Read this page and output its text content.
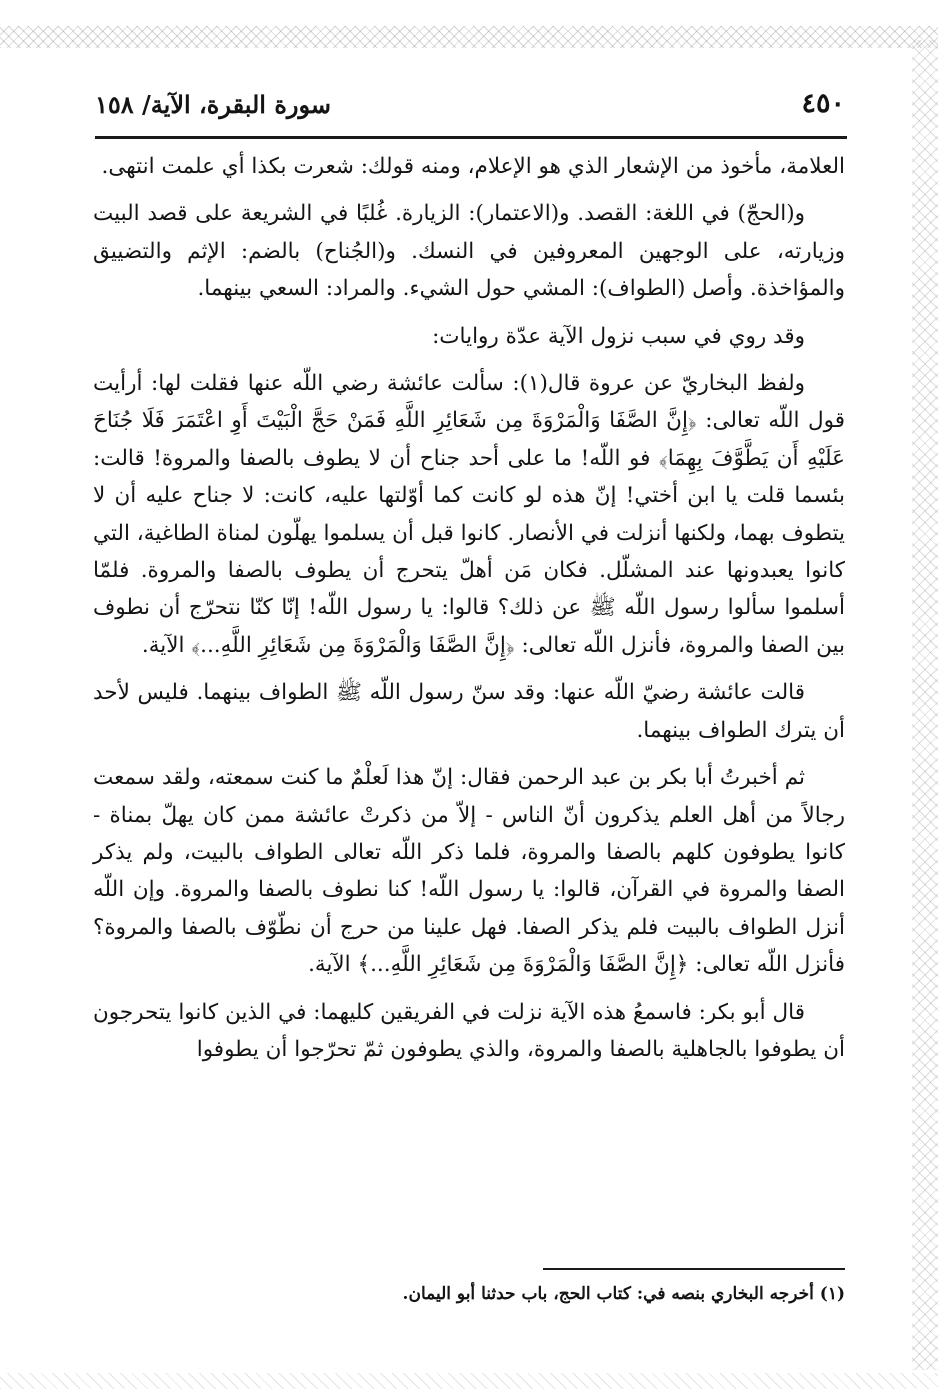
٤٥٠
سورة البقرة، الآية/ ١٥٨

العلامة، مأخوذ من الإشعار الذي هو الإعلام، ومنه قولك: شعرت بكذا أي علمت انتهى.

و(الحجّ) في اللغة: القصد. و(الاعتمار): الزيارة. غُلبًا في الشريعة على قصد البيت وزيارته، على الوجهين المعروفين في النسك. و(الجُناح) بالضم: الإثم والتضييق والمؤاخذة. وأصل (الطواف): المشي حول الشيء. والمراد: السعي بينهما.

وقد روي في سبب نزول الآية عدّة روايات:

ولفظ البخاريّ عن عروة قال(١): سألت عائشة رضي اللّه عنها فقلت لها: أرأيت قول اللّه تعالى: ﴿إِنَّ الصَّفَا وَالْمَرْوَةَ مِن شَعَائِرِ اللَّهِ فَمَنْ حَجَّ الْبَيْتَ أَوِ اعْتَمَرَ فَلَا جُنَاحَ عَلَيْهِ أَن يَطَّوَّفَ بِهِمَا﴾ فو اللّه! ما على أحد جناح أن لا يطوف بالصفا والمروة! قالت: بئسما قلت يا ابن أختي! إنّ هذه لو كانت كما أوّلتها عليه، كانت: لا جناح عليه أن لا يتطوف بهما، ولكنها أنزلت في الأنصار. كانوا قبل أن يسلموا يهلّون لمناة الطاغية، التي كانوا يعبدونها عند المشلّل. فكان مَن أهلّ يتحرج أن يطوف بالصفا والمروة. فلمّا أسلموا سألوا رسول اللّه ﷺ عن ذلك؟ قالوا: يا رسول اللّه! إنّا كنّا نتحرّج أن نطوف بين الصفا والمروة، فأنزل اللّه تعالى: ﴿إِنَّ الصَّفَا وَالْمَرْوَةَ مِن شَعَائِرِ اللَّهِ...﴾ الآية.

قالت عائشة رضيّ اللّه عنها: وقد سنّ رسول اللّه ﷺ الطواف بينهما. فليس لأحد أن يترك الطواف بينهما.

ثم أخبرتُ أبا بكر بن عبد الرحمن فقال: إنّ هذا لَعلْمٌ ما كنت سمعته، ولقد سمعت رجالاً من أهل العلم يذكرون أنّ الناس - إلاّ من ذكرتْ عائشة ممن كان يهلّ بمناة - كانوا يطوفون كلهم بالصفا والمروة، فلما ذكر اللّه تعالى الطواف بالبيت، ولم يذكر الصفا والمروة في القرآن، قالوا: يا رسول اللّه! كنا نطوف بالصفا والمروة. وإن اللّه أنزل الطواف بالبيت فلم يذكر الصفا. فهل علينا من حرج أن نطّوّف بالصفا والمروة؟ فأنزل اللّه تعالى: ﴿إِنَّ الصَّفَا وَالْمَرْوَةَ مِن شَعَائِرِ اللَّهِ...﴾ الآية.

قال أبو بكر: فاسمعُ هذه الآية نزلت في الفريقين كليهما: في الذين كانوا يتحرجون أن يطوفوا بالجاهلية بالصفا والمروة، والذي يطوفون ثمّ تحرّجوا أن يطوفوا

(١) أخرجه البخاري بنصه في: كتاب الحج، باب حدثنا أبو اليمان.
